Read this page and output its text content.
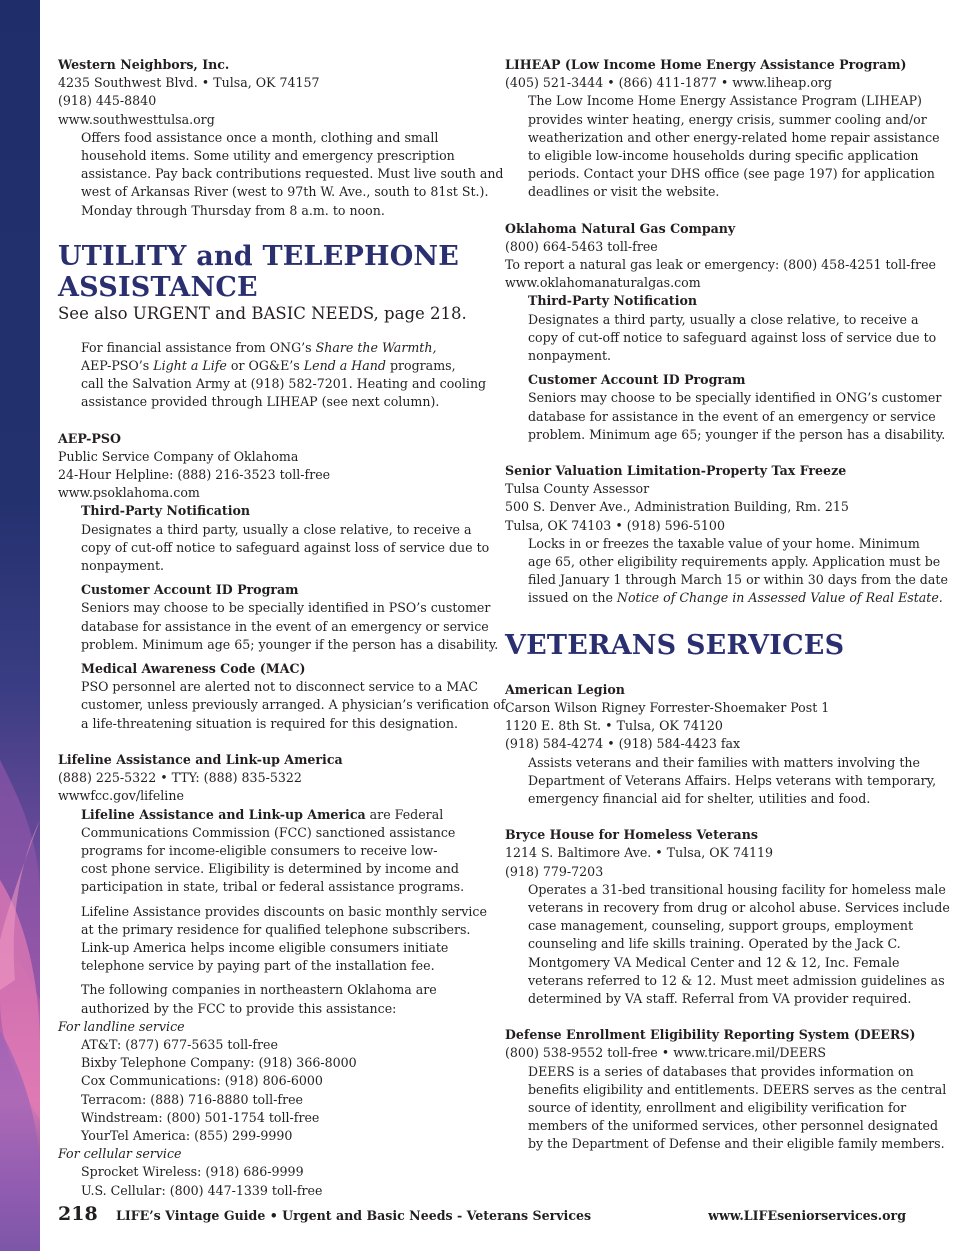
Western Neighbors, Inc.
4235 Southwest Blvd. • Tulsa, OK 74157
(918) 445-8840
www.southwesttulsa.org
Offers food assistance once a month, clothing and small
household items. Some utility and emergency prescription
assistance. Pay back contributions requested. Must live south and
west of Arkansas River (west to 97th W. Ave., south to 81st St.).
Monday through Thursday from 8 a.m. to noon.
UTILITY and TELEPHONE
ASSISTANCE
See also URGENT and BASIC NEEDS, page 218.
For financial assistance from ONG’s Share the Warmth,
AEP-PSO’s Light a Life or OG&E’s Lend a Hand programs,
call the Salvation Army at (918) 582-7201. Heating and cooling
assistance provided through LIHEAP (see next column).
AEP-PSO
Public Service Company of Oklahoma
24-Hour Helpline: (888) 216-3523 toll-free
www.psoklahoma.com
Third-Party Notification
Designates a third party, usually a close relative, to receive a
copy of cut-off notice to safeguard against loss of service due to
nonpayment.
Customer Account ID Program
Seniors may choose to be specially identified in PSO’s customer
database for assistance in the event of an emergency or service
problem. Minimum age 65; younger if the person has a disability.
Medical Awareness Code (MAC)
PSO personnel are alerted not to disconnect service to a MAC
customer, unless previously arranged. A physician’s verification of
a life-threatening situation is required for this designation.
Lifeline Assistance and Link-up America
(888) 225-5322 • TTY: (888) 835-5322
wwwfcc.gov/lifeline
Lifeline Assistance and Link-up America are Federal
Communications Commission (FCC) sanctioned assistance
programs for income-eligible consumers to receive low-
cost phone service. Eligibility is determined by income and
participation in state, tribal or federal assistance programs.
Lifeline Assistance provides discounts on basic monthly service
at the primary residence for qualified telephone subscribers.
Link-up America helps income eligible consumers initiate
telephone service by paying part of the installation fee.
The following companies in northeastern Oklahoma are
authorized by the FCC to provide this assistance:
For landline service
AT&T: (877) 677-5635 toll-free
Bixby Telephone Company: (918) 366-8000
Cox Communications: (918) 806-6000
Terracom: (888) 716-8880 toll-free
Windstream: (800) 501-1754 toll-free
YourTel America: (855) 299-9990
For cellular service
Sprocket Wireless: (918) 686-9999
U.S. Cellular: (800) 447-1339 toll-free
LIHEAP (Low Income Home Energy Assistance Program)
(405) 521-3444 • (866) 411-1877 • www.liheap.org
The Low Income Home Energy Assistance Program (LIHEAP)
provides winter heating, energy crisis, summer cooling and/or
weatherization and other energy-related home repair assistance
to eligible low-income households during specific application
periods. Contact your DHS office (see page 197) for application
deadlines or visit the website.
Oklahoma Natural Gas Company
(800) 664-5463 toll-free
To report a natural gas leak or emergency: (800) 458-4251 toll-free
www.oklahomanaturalgas.com
Third-Party Notification
Designates a third party, usually a close relative, to receive a
copy of cut-off notice to safeguard against loss of service due to
nonpayment.
Customer Account ID Program
Seniors may choose to be specially identified in ONG’s customer
database for assistance in the event of an emergency or service
problem. Minimum age 65; younger if the person has a disability.
Senior Valuation Limitation-Property Tax Freeze
Tulsa County Assessor
500 S. Denver Ave., Administration Building, Rm. 215
Tulsa, OK 74103 • (918) 596-5100
Locks in or freezes the taxable value of your home. Minimum
age 65, other eligibility requirements apply. Application must be
filed January 1 through March 15 or within 30 days from the date
issued on the Notice of Change in Assessed Value of Real Estate.
VETERANS SERVICES
American Legion
Carson Wilson Rigney Forrester-Shoemaker Post 1
1120 E. 8th St. • Tulsa, OK 74120
(918) 584-4274 • (918) 584-4423 fax
Assists veterans and their families with matters involving the
Department of Veterans Affairs. Helps veterans with temporary,
emergency financial aid for shelter, utilities and food.
Bryce House for Homeless Veterans
1214 S. Baltimore Ave. • Tulsa, OK 74119
(918) 779-7203
Operates a 31-bed transitional housing facility for homeless male
veterans in recovery from drug or alcohol abuse. Services include
case management, counseling, support groups, employment
counseling and life skills training. Operated by the Jack C.
Montgomery VA Medical Center and 12 & 12, Inc. Female
veterans referred to 12 & 12. Must meet admission guidelines as
determined by VA staff. Referral from VA provider required.
Defense Enrollment Eligibility Reporting System (DEERS)
(800) 538-9552 toll-free • www.tricare.mil/DEERS
DEERS is a series of databases that provides information on
benefits eligibility and entitlements. DEERS serves as the central
source of identity, enrollment and eligibility verification for
members of the uniformed services, other personnel designated
by the Department of Defense and their eligible family members.
218 LIFE’s Vintage Guide • Urgent and Basic Needs - Veterans Services	www.LIFEseniorservices.org
